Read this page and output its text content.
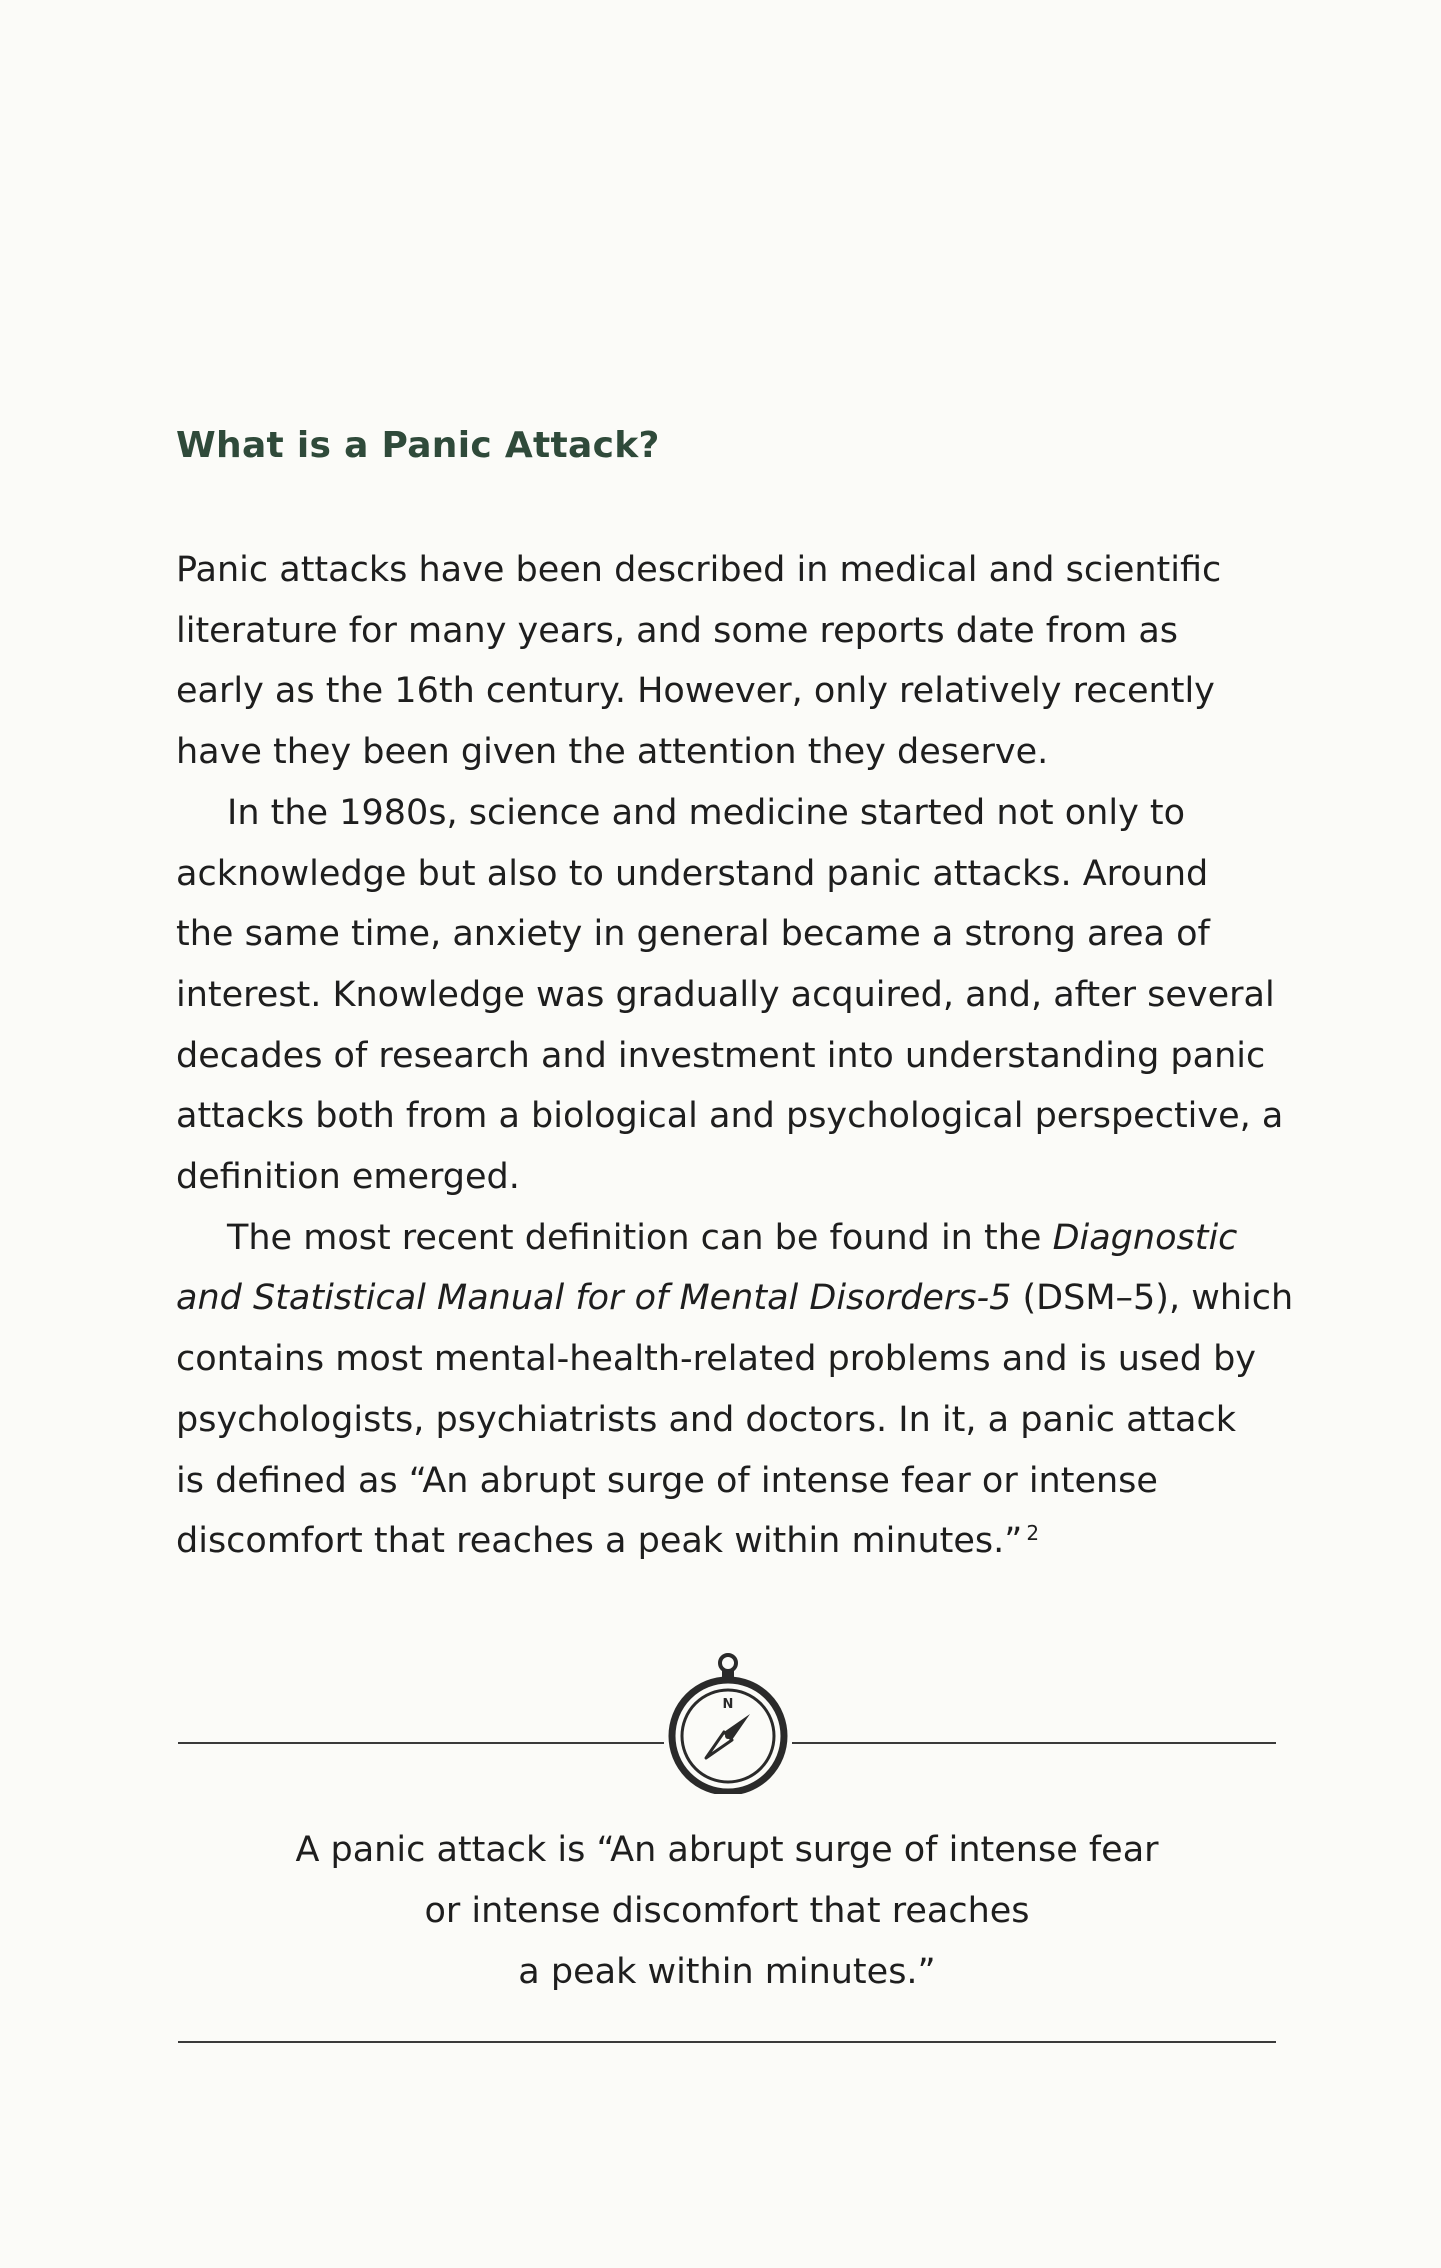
What is a Panic Attack?

Panic attacks have been described in medical and scientific
literature for many years, and some reports date from as
early as the 16th century. However, only relatively recently
have they been given the attention they deserve.

In the 1980s, science and medicine started not only to
acknowledge but also to understand panic attacks. Around
the same time, anxiety in general became a strong area of
interest. Knowledge was gradually acquired, and, after several
decades of research and investment into understanding panic
attacks both from a biological and psychological perspective, a
definition emerged.

The most recent definition can be found in the Diagnostic
and Statistical Manual for of Mental Disorders-5 (DSM–5), which
contains most mental-health-related problems and is used by
psychologists, psychiatrists and doctors. In it, a panic attack
is defined as “An abrupt surge of intense fear or intense
discomfort that reaches a peak within minutes.” $^2$

N
A panic attack is “An abrupt surge of intense fear
or intense discomfort that reaches
a peak within minutes.”
